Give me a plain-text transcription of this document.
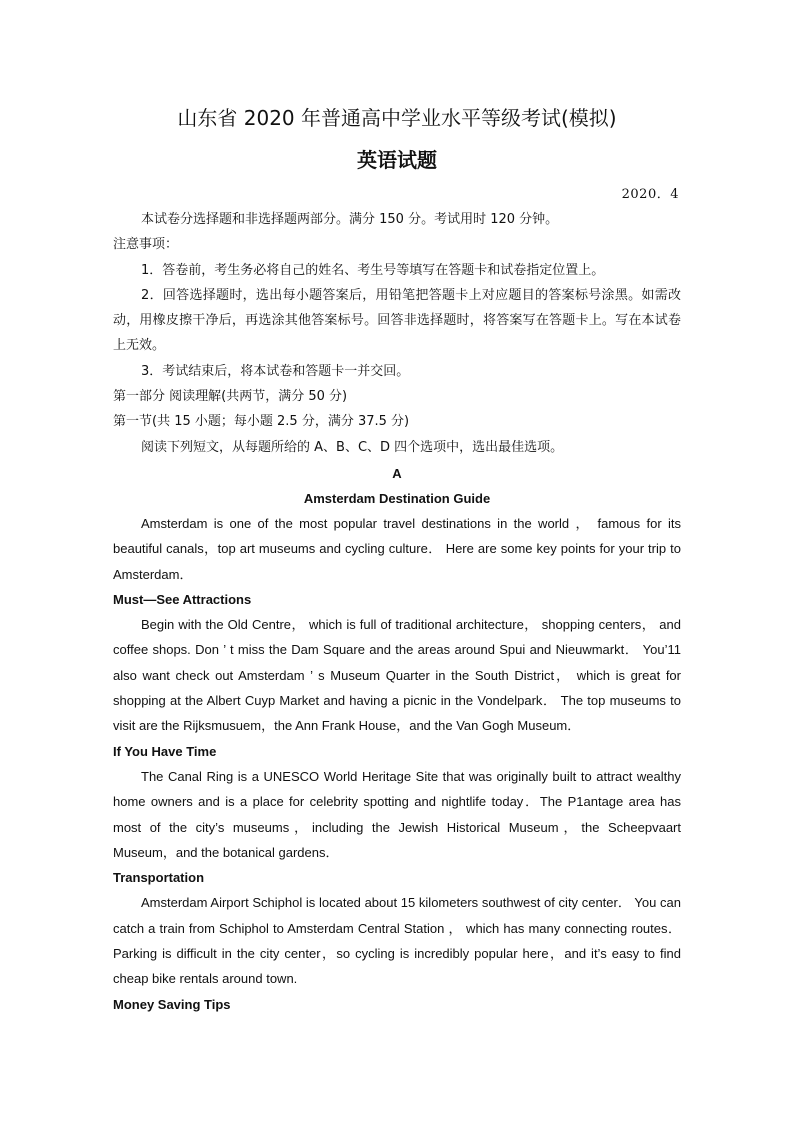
山东省 2020 年普通高中学业水平等级考试(模拟)
英语试题
2020．4

本试卷分选择题和非选择题两部分。满分 150 分。考试用时 120 分钟。

注意事项：

1．答卷前，考生务必将自己的姓名、考生号等填写在答题卡和试卷指定位置上。

2．回答选择题时，选出每小题答案后，用铅笔把答题卡上对应题目的答案标号涂黑。如需改动，用橡皮擦干净后，再选涂其他答案标号。回答非选择题时，将答案写在答题卡上。写在本试卷上无效。

3．考试结束后，将本试卷和答题卡一并交回。

第一部分 阅读理解(共两节，满分 50 分)

第一节(共 15 小题；每小题 2.5 分，满分 37.5 分)

阅读下列短文，从每题所给的 A、B、C、D 四个选项中，选出最佳选项。

A

Amsterdam Destination Guide

Amsterdam is one of the most popular travel destinations in the world ， famous for its beautiful canals，top art museums and cycling culture． Here are some key points for your trip to Amsterdam．

Must—See Attractions

Begin with the Old Centre， which is full of traditional architecture， shopping centers， and coffee shops. Don ’ t miss the Dam Square and the areas around Spui and Nieuwmarkt． You’11 also want check out Amsterdam ’ s Museum Quarter in the South District， which is great for shopping at the Albert Cuyp Market and having a picnic in the Vondelpark． The top museums to visit are the Rijksmusuem，the Ann Frank House，and the Van Gogh Museum．

If You Have Time

The Canal Ring is a UNESCO World Heritage Site that was originally built to attract wealthy home owners and is a place for celebrity spotting and nightlife today．The P1antage area has most of the city’s museums，including the Jewish Historical Museum，the Scheepvaart Museum，and the botanical gardens．

Transportation

Amsterdam Airport Schiphol is located about 15 kilometers southwest of city center． You can catch a train from Schiphol to Amsterdam Central Station ， which has many connecting routes．Parking is difficult in the city center，so cycling is incredibly popular here，and it’s easy to find cheap bike rentals around town.

Money Saving Tips
